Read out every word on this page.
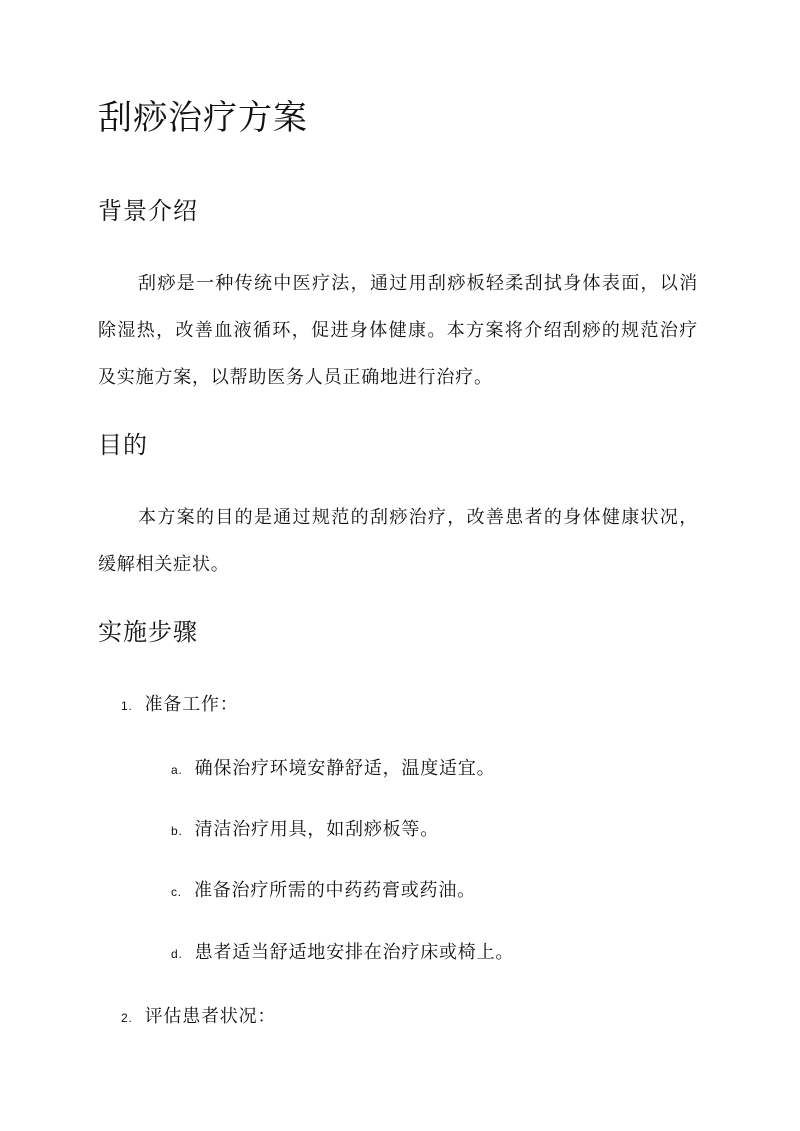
刮痧治疗方案
背景介绍

刮痧是一种传统中医疗法，通过用刮痧板轻柔刮拭身体表面，以消除湿热，改善血液循环，促进身体健康。本方案将介绍刮痧的规范治疗及实施方案，以帮助医务人员正确地进行治疗。

目的

本方案的目的是通过规范的刮痧治疗，改善患者的身体健康状况，缓解相关症状。

实施步骤
1. 准备工作：
a. 确保治疗环境安静舒适，温度适宜。
b. 清洁治疗用具，如刮痧板等。
c. 准备治疗所需的中药药膏或药油。
d. 患者适当舒适地安排在治疗床或椅上。
2. 评估患者状况：
